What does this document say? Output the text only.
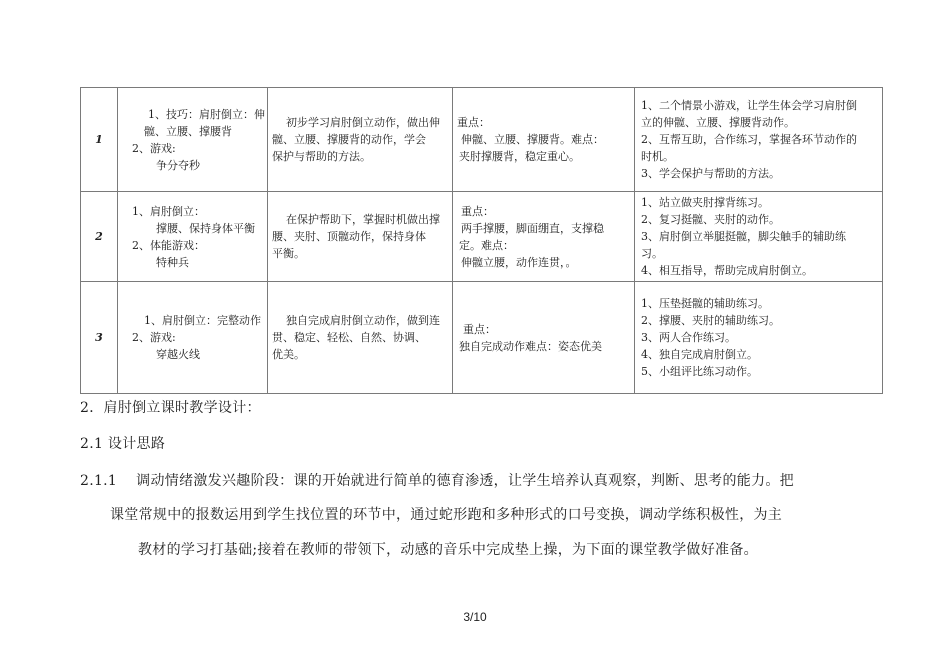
1	1、技巧：肩肘倒立：伸
髋、立腰、撑腰背
2、游戏:
争分夺秒	初步学习肩肘倒立动作，做出伸
髋、立腰、撑腰背的动作，学会
保护与帮助的方法。	重点：
伸髋、立腰、撑腰背。难点：
夹肘撑腰背，稳定重心。	1、二个情景小游戏，让学生体会学习肩肘倒
立的伸髋、立腰、撑腰背动作。
2、互帮互助，合作练习，掌握各环节动作的
时机。
3、学会保护与帮助的方法。

2	1、肩肘倒立：
撑腰、保持身体平衡
2、体能游戏：
特种兵	在保护帮助下，掌握时机做出撑
腰、夹肘、顶髋动作，保持身体
平衡。	重点：
两手撑腰，脚面绷直，支撑稳
定。难点：
伸髋立腰，动作连贯，。	1、站立做夹肘撑背练习。
2、复习挺髋、夹肘的动作。
3、肩肘倒立举腿挺髋，脚尖触手的辅助练
习。
4、相互指导，帮助完成肩肘倒立。

3	1、肩肘倒立：完整动作
2、游戏:
穿越火线	独自完成肩肘倒立动作，做到连
贯、稳定、轻松、自然、协调、
优美。	重点：
独自完成动作难点：姿态优美	1、压垫挺髋的辅助练习。
2、撑腰、夹肘的辅助练习。
3、两人合作练习。
4、独自完成肩肘倒立。
5、小组评比练习动作。
2．肩肘倒立课时教学设计：
2.1 设计思路
2.1.1　 调动情绪激发兴趣阶段：课的开始就进行简单的德育渗透，让学生培养认真观察，判断、思考的能力。把
课堂常规中的报数运用到学生找位置的环节中，通过蛇形跑和多种形式的口号变换，调动学练积极性，为主
教材的学习打基础;接着在教师的带领下，动感的音乐中完成垫上操，为下面的课堂教学做好准备。
3/10
